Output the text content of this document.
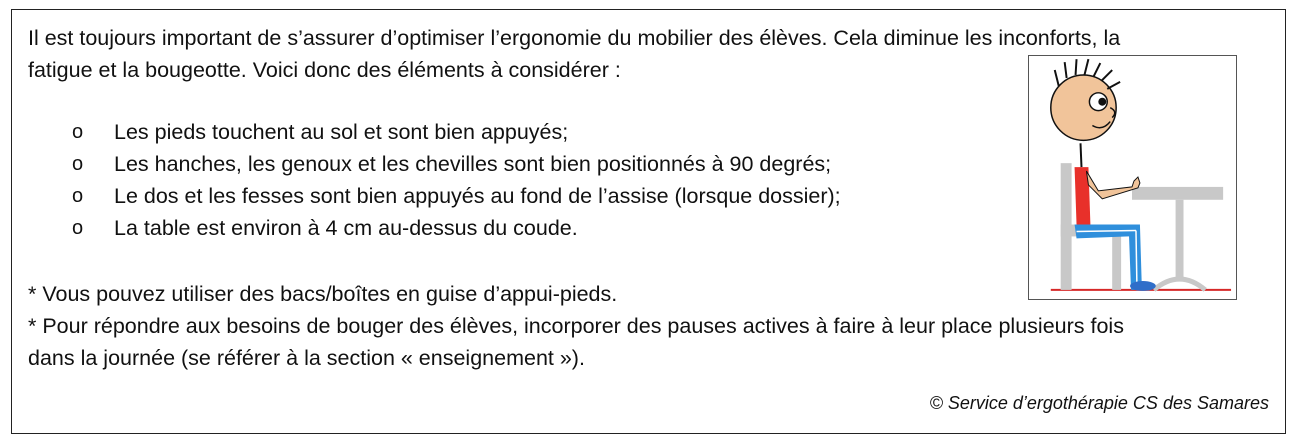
Il est toujours important de s’assurer d’optimiser l’ergonomie du mobilier des élèves. Cela diminue les inconforts, la
fatigue et la bougeotte. Voici donc des éléments à considérer :
o Les pieds touchent au sol et sont bien appuyés;
o Les hanches, les genoux et les chevilles sont bien positionnés à 90 degrés;
o Le dos et les fesses sont bien appuyés au fond de l’assise (lorsque dossier);
o La table est environ à 4 cm au-dessus du coude.
* Vous pouvez utiliser des bacs/boîtes en guise d’appui-pieds.
* Pour répondre aux besoins de bouger des élèves, incorporer des pauses actives à faire à leur place plusieurs fois
dans la journée (se référer à la section « enseignement »).
© Service d’ergothérapie CS des Samares
